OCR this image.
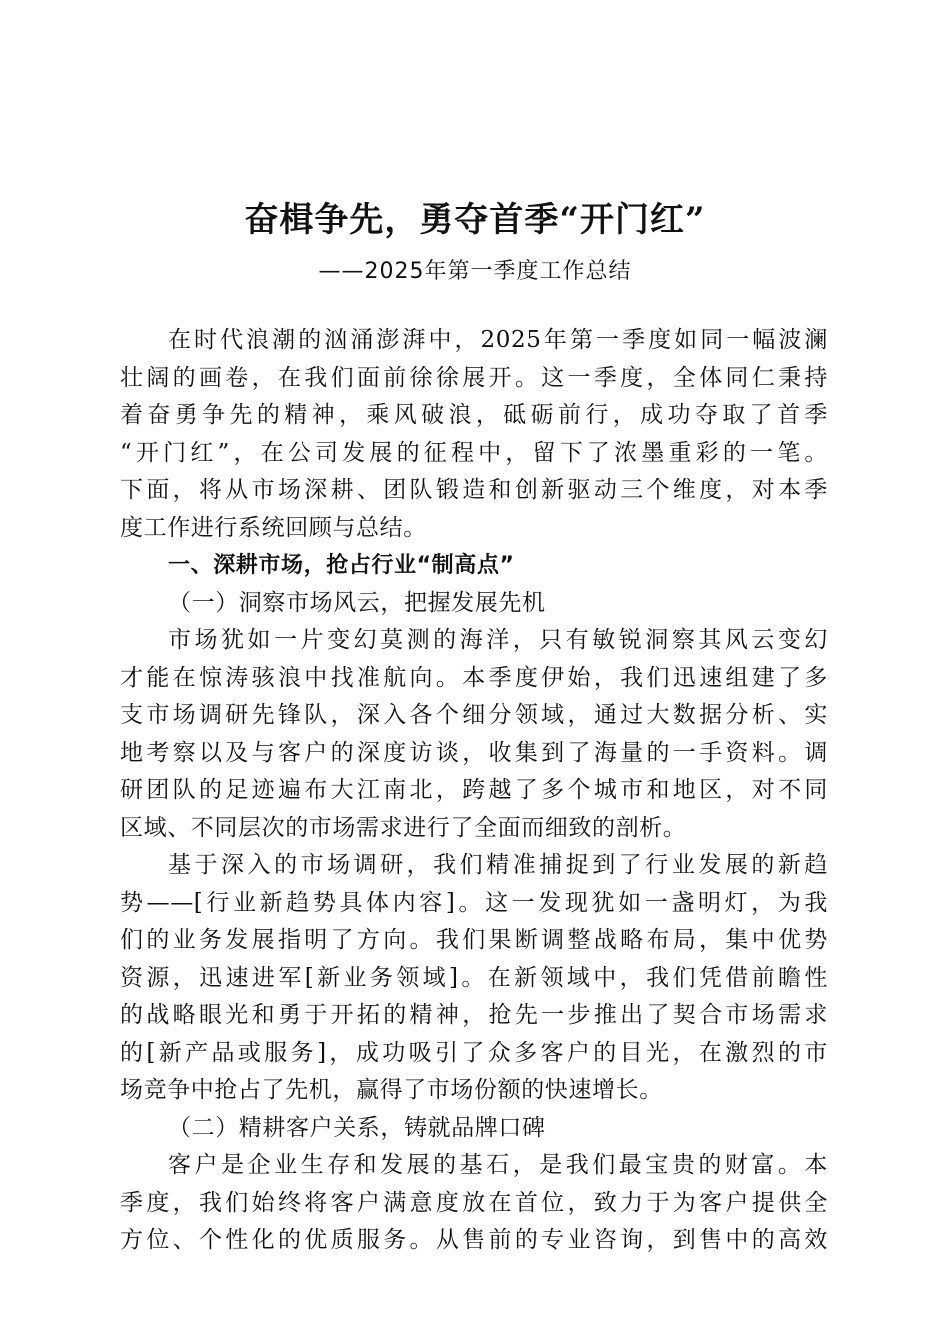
奋楫争先，勇夺首季“开门红”
——2025年第一季度工作总结
在时代浪潮的汹涌澎湃中，2025年第一季度如同一幅波澜
壮阔的画卷，在我们面前徐徐展开。这一季度，全体同仁秉持
着奋勇争先的精神，乘风破浪，砥砺前行，成功夺取了首季
“开门红”，在公司发展的征程中，留下了浓墨重彩的一笔。
下面，将从市场深耕、团队锻造和创新驱动三个维度，对本季
度工作进行系统回顾与总结。
一、深耕市场，抢占行业“制高点”
（一）洞察市场风云，把握发展先机
市场犹如一片变幻莫测的海洋，只有敏锐洞察其风云变幻
才能在惊涛骇浪中找准航向。本季度伊始，我们迅速组建了多
支市场调研先锋队，深入各个细分领域，通过大数据分析、实
地考察以及与客户的深度访谈，收集到了海量的一手资料。调
研团队的足迹遍布大江南北，跨越了多个城市和地区，对不同
区域、不同层次的市场需求进行了全面而细致的剖析。
基于深入的市场调研，我们精准捕捉到了行业发展的新趋
势——[行业新趋势具体内容]。这一发现犹如一盏明灯，为我
们的业务发展指明了方向。我们果断调整战略布局，集中优势
资源，迅速进军[新业务领域]。在新领域中，我们凭借前瞻性
的战略眼光和勇于开拓的精神，抢先一步推出了契合市场需求
的[新产品或服务]，成功吸引了众多客户的目光，在激烈的市
场竞争中抢占了先机，赢得了市场份额的快速增长。
（二）精耕客户关系，铸就品牌口碑
客户是企业生存和发展的基石，是我们最宝贵的财富。本
季度，我们始终将客户满意度放在首位，致力于为客户提供全
方位、个性化的优质服务。从售前的专业咨询，到售中的高效
